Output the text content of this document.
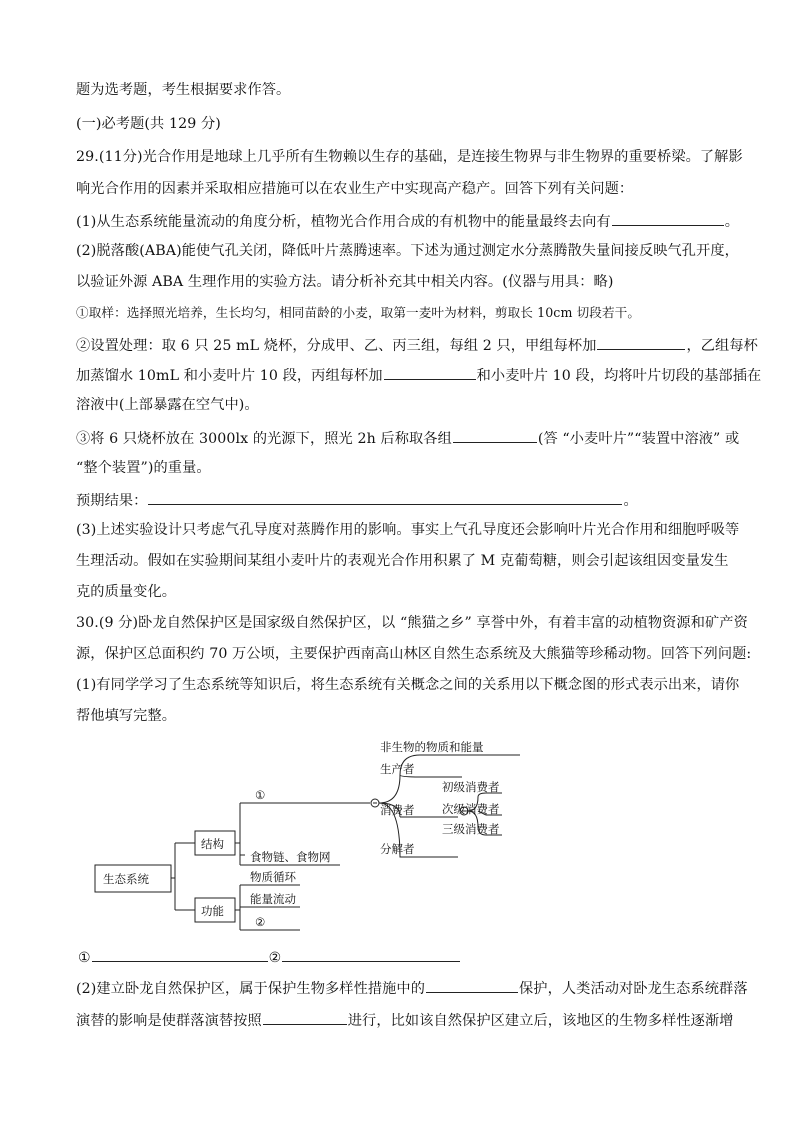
题为选考题，考生根据要求作答。
(一)必考题(共 129 分)
29.(11分)光合作用是地球上几乎所有生物赖以生存的基础，是连接生物界与非生物界的重要桥梁。了解影
响光合作用的因素并采取相应措施可以在农业生产中实现高产稳产。回答下列有关问题：
(1)从生态系统能量流动的角度分析，植物光合作用合成的有机物中的能量最终去向有	。
(2)脱落酸(ABA)能使气孔关闭，降低叶片蒸腾速率。下述为通过测定水分蒸腾散失量间接反映气孔开度，
以验证外源 ABA 生理作用的实验方法。请分析补充其中相关内容。(仪器与用具：略)
①取样：选择照光培养，生长均匀，相同苗龄的小麦，取第一麦叶为材料，剪取长 10cm 切段若干。
②设置处理：取 6 只 25 mL 烧杯，分成甲、乙、丙三组，每组 2 只，甲组每杯加	，乙组每杯
加蒸馏水 10mL 和小麦叶片 10 段，丙组每杯加	和小麦叶片 10 段，均将叶片切段的基部插在
溶液中(上部暴露在空气中)。
③将 6 只烧杯放在 3000lx 的光源下，照光 2h 后称取各组	(答 “小麦叶片”“装置中溶液” 或
“整个装置”)的重量。
预期结果：	。
(3)上述实验设计只考虑气孔导度对蒸腾作用的影响。事实上气孔导度还会影响叶片光合作用和细胞呼吸等
生理活动。假如在实验期间某组小麦叶片的表观光合作用积累了 M 克葡萄糖，则会引起该组因变量发生
克的质量变化。
30.(9 分)卧龙自然保护区是国家级自然保护区，以 “熊猫之乡” 享誉中外，有着丰富的动植物资源和矿产资
源，保护区总面积约 70 万公顷，主要保护西南高山林区自然生态系统及大熊猫等珍稀动物。回答下列问题:
(1)有同学学习了生态系统等知识后，将生态系统有关概念之间的关系用以下概念图的形式表示出来，请你
帮他填写完整。
生态系统
结构
功能
①
食物链、食物网
物质循环
能量流动
②
非生物的物质和能量
生产者
消费者
分解者
初级消费者
次级消费者
三级消费者
①	②
(2)建立卧龙自然保护区，属于保护生物多样性措施中的	保护，人类活动对卧龙生态系统群落
演替的影响是使群落演替按照	进行，比如该自然保护区建立后，该地区的生物多样性逐渐增
